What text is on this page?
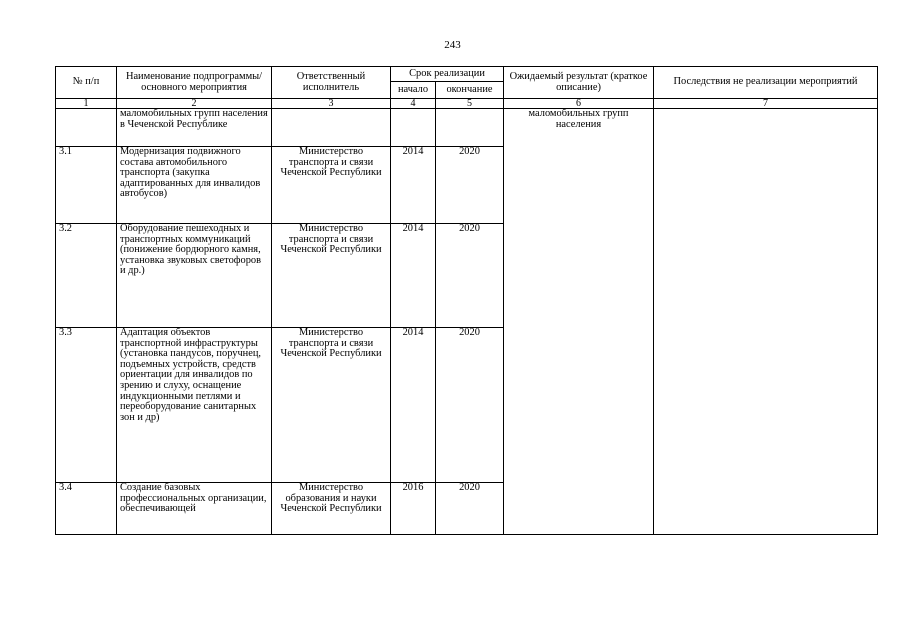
243
№ п/п	Наименование подпрограммы/ основного мероприятия	Ответственный исполнитель	Срок реализации		Ожидаемый результат (краткое описание)	Последствия не реализации мероприятий
			начало	окончание		
1	2	3	4	5	6	7
	маломобильных групп населения в Чеченской Республике				маломобильных групп населения	
3.1	Модернизация подвижного состава автомобильного транспорта (закупка адаптированных для инвалидов автобусов)	Министерство транспорта и связи Чеченской Республики	2014	2020		
3.2	Оборудование пешеходных и транспортных коммуникаций (понижение бордюрного камня, установка звуковых светофоров и др.)	Министерство транспорта и связи Чеченской Республики	2014	2020		
3.3	Адаптация объектов транспортной инфраструктуры (установка пандусов, поручнец, подъемных устройств, средств ориентации для инвалидов по зрению и слуху, оснащение индукционными петлями и переоборудование санитарных зон и др)	Министерство транспорта и связи Чеченской Республики	2014	2020		
3.4	Создание базовых профессиональных организации, обеспечивающей	Министерство образования и науки Чеченской Республики	2016	2020		
